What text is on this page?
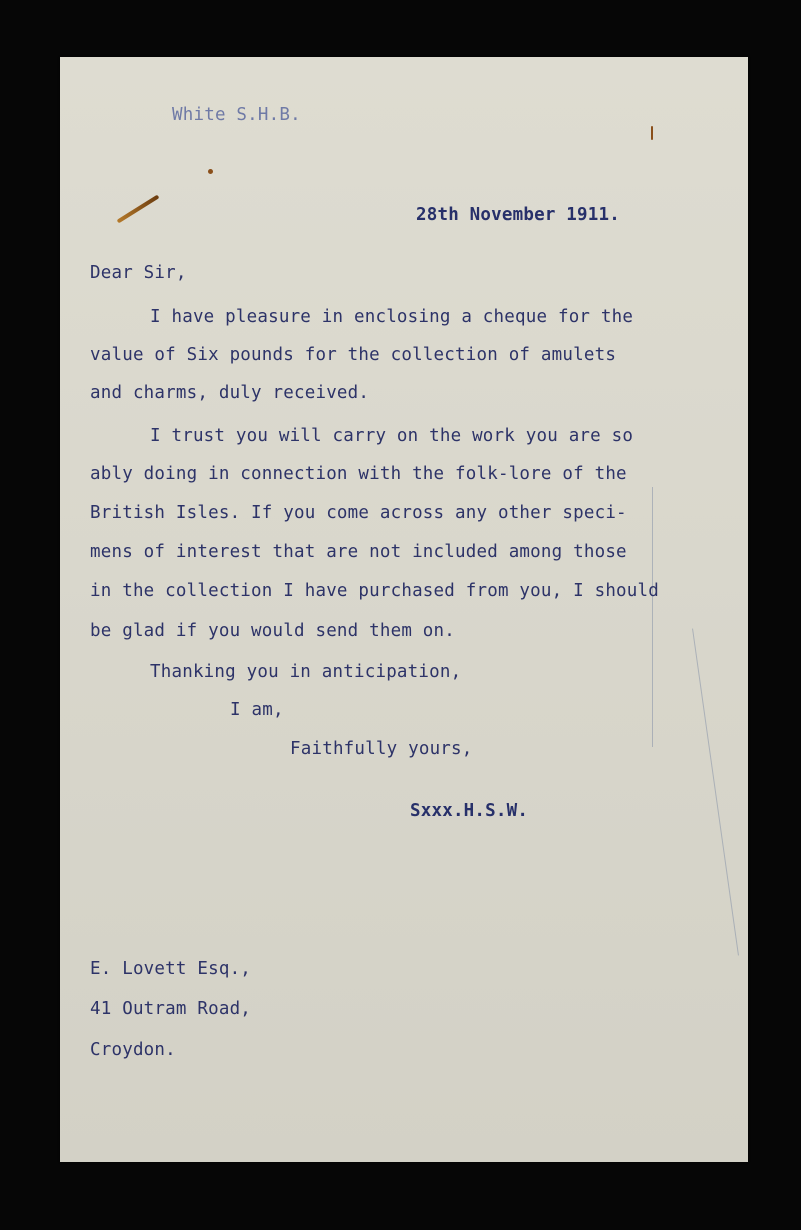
White S.H.B.
28th November 1911.
Dear Sir,
I have pleasure in enclosing a cheque for the
value of Six pounds for the collection of amulets
and charms, duly received.
I trust you will carry on the work you are so
ably doing in connection with the folk-lore of the
British Isles. If you come across any other speci-
mens of interest that are not included among those
in the collection I have purchased from you, I should
be glad if you would send them on.
Thanking you in anticipation,
I am,
Faithfully yours,
Sxxx.H.S.W.
E. Lovett Esq.,
41 Outram Road,
Croydon.
